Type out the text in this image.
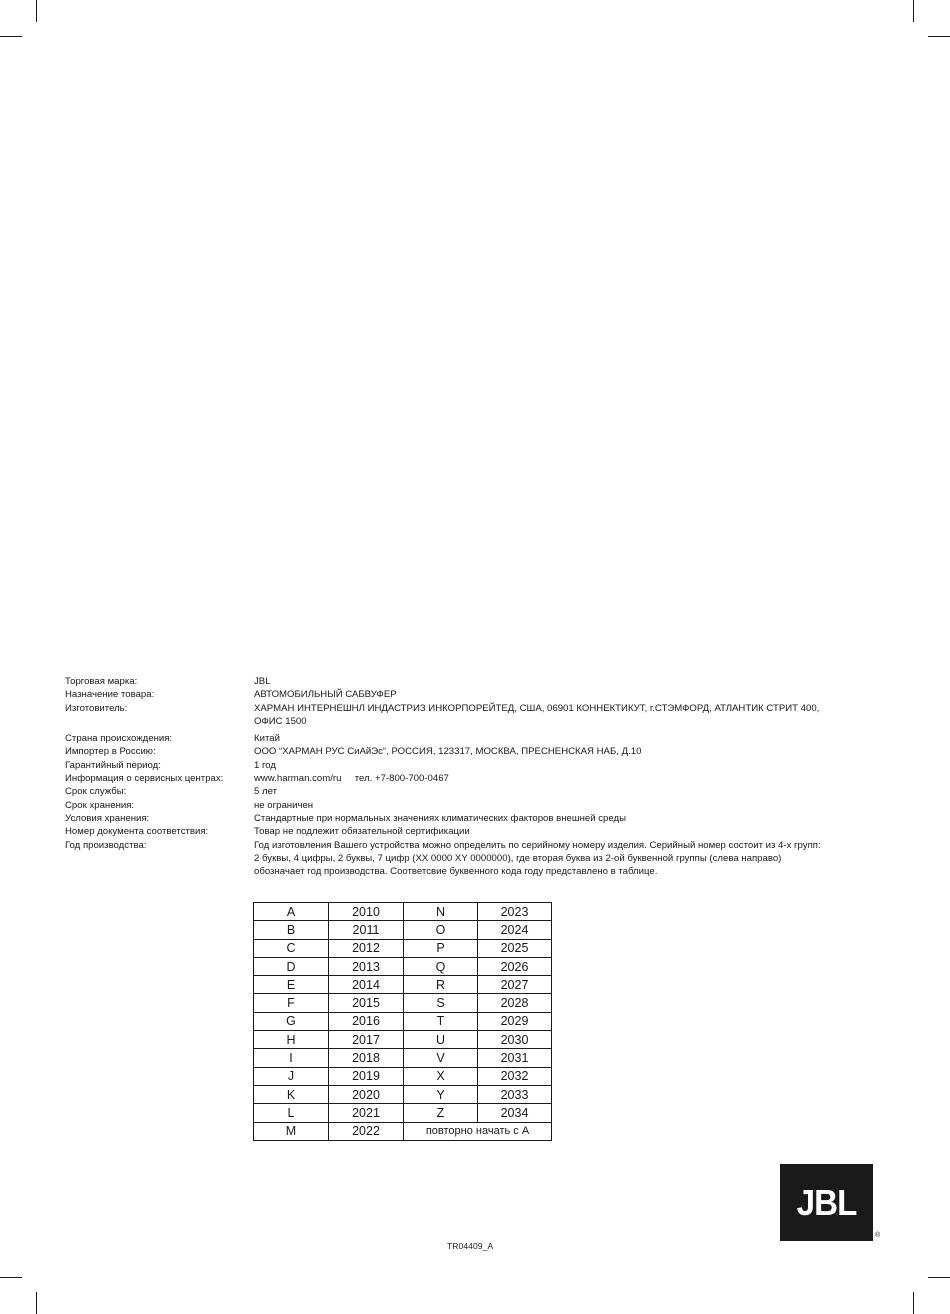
Торговая марка:	JBL
Назначение товара:	АВТОМОБИЛЬНЫЙ САБВУФЕР
Изготовитель:	ХАРМАН ИНТЕРНЕШНЛ ИНДАСТРИЗ ИНКОРПОРЕЙТЕД, США, 06901 КОННЕКТИКУТ, г.СТЭМФОРД, АТЛАНТИК СТРИТ 400,
ОФИС 1500
Страна происхождения:	Китай
Импортер в Россию:	ООО “ХАРМАН РУС СиАйЭс“, РОССИЯ, 123317, МОСКВА, ПРЕСНЕНСКАЯ НАБ, Д.10
Гарантийный период:	1 год
Информация о сервисных центрах:	www.harman.com/ru     тел. +7-800-700-0467
Срок службы:	5 лет
Срок хранения:	не ограничен
Условия хранения:	Стандартные при нормальных значениях климатических факторов внешней среды
Номер документа соответствия:	Товар не подлежит обязательной сертификации
Год производства:	Год изготовления Вашего устройства можно определить по серийному номеру изделия. Серийный номер состоит из 4-х групп:
2 буквы, 4 цифры, 2 буквы, 7 цифр (XX 0000 XY 0000000), где вторая буква из 2-ой буквенной группы (слева направо)
обозначает год производства. Соответсвие буквенного кода году представлено в таблице.
A	2010	N	2023
B	2011	O	2024
C	2012	P	2025
D	2013	Q	2026
E	2014	R	2027
F	2015	S	2028
G	2016	T	2029
H	2017	U	2030
I	2018	V	2031
J	2019	X	2032
K	2020	Y	2033
L	2021	Z	2034
M	2022	повторно начать с А	
TR04409_A
JBL
®
